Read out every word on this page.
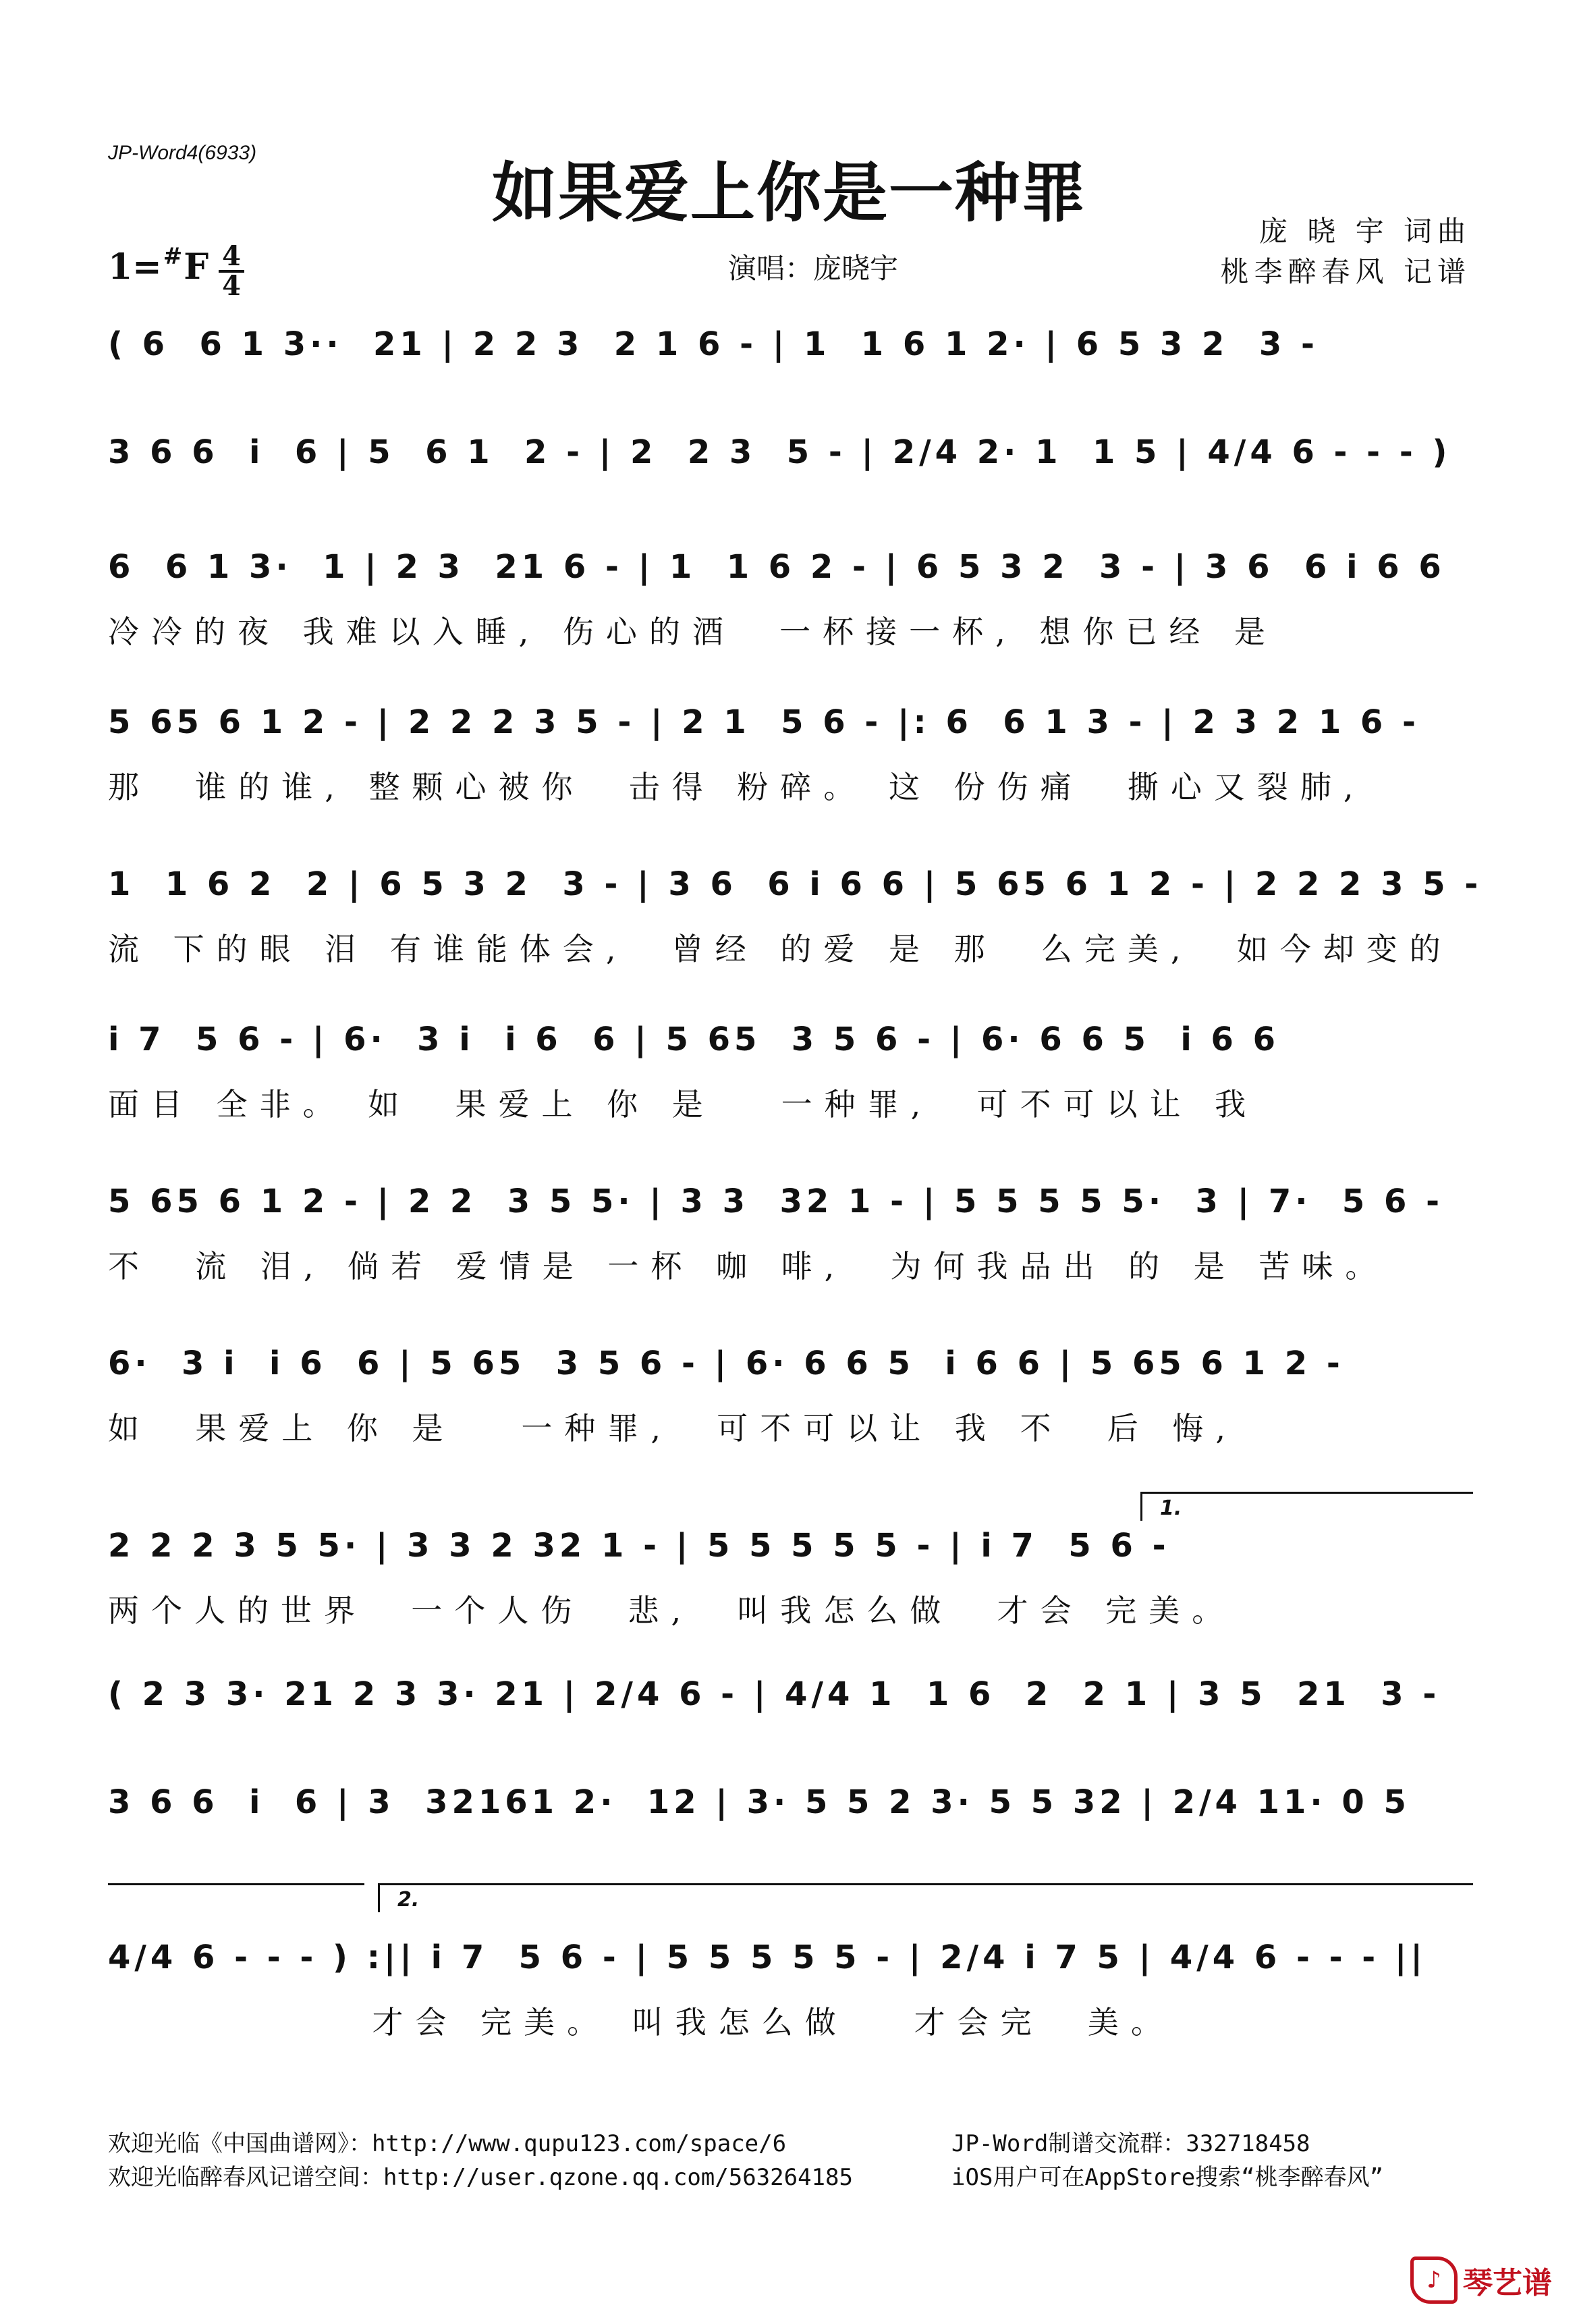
JP-Word4(6933)
如果爱上你是一种罪
1=#F 4
4
演唱：庞晓宇
庞 晓 宇 词曲
桃李醉春风 记谱
( 6  6 1 3··  21 | 2 2 3  2 1 6 - | 1  1 6 1 2· | 6 5 3 2  3 -
3 6 6  i  6 | 5  6 1  2 - | 2  2 3  5 - | 2/4 2· 1  1 5 | 4/4 6 - - - )
6  6 1 3·  1 | 2 3  21 6 - | 1  1 6 2 - | 6 5 3 2  3 - | 3 6  6 i 6 6
冷冷的夜 我难以入睡, 伤心的酒  一杯接一杯, 想你已经 是
5 65 6 1 2 - | 2 2 2 3 5 - | 2 1  5 6 - |: 6  6 1 3 - | 2 3 2 1 6 -
那  谁的谁, 整颗心被你  击得 粉碎。 这 份伤痛  撕心又裂肺,
1  1 6 2  2 | 6 5 3 2  3 - | 3 6  6 i 6 6 | 5 65 6 1 2 - | 2 2 2 3 5 -
流 下的眼 泪 有谁能体会,  曾经 的爱 是 那  么完美,  如今却变的
i 7  5 6 - | 6·  3 i  i 6  6 | 5 65  3 5 6 - | 6· 6 6 5  i 6 6
面目 全非。 如  果爱上 你 是   一种罪,  可不可以让 我
5 65 6 1 2 - | 2 2  3 5 5· | 3 3  32 1 - | 5 5 5 5 5·  3 | 7·  5 6 -
不  流 泪, 倘若 爱情是 一杯 咖 啡,  为何我品出 的 是 苦味。
6·  3 i  i 6  6 | 5 65  3 5 6 - | 6· 6 6 5  i 6 6 | 5 65 6 1 2 -
如  果爱上 你 是   一种罪,  可不可以让 我 不  后 悔,
1.
2 2 2 3 5 5· | 3 3 2 32 1 - | 5 5 5 5 5 - | i 7  5 6 -
两个人的世界  一个人伤  悲,  叫我怎么做  才会 完美。
( 2 3 3· 21 2 3 3· 21 | 2/4 6 - | 4/4 1  1 6  2  2 1 | 3 5  21  3 -
3 6 6  i  6 | 3  32161 2·  12 | 3· 5 5 2 3· 5 5 32 | 2/4 11· 0 5
2.
4/4 6 - - - ) :|| i 7  5 6 - | 5 5 5 5 5 - | 2/4 i 7 5 | 4/4 6 - - - ||
才会 完美。 叫我怎么做   才会完  美。
欢迎光临《中国曲谱网》：http://www.qupu123.com/space/6
欢迎光临醉春风记谱空间：http://user.qzone.qq.com/563264185
JP-Word制谱交流群：332718458
iOS用户可在AppStore搜索“桃李醉春风”
♪ 琴艺谱
